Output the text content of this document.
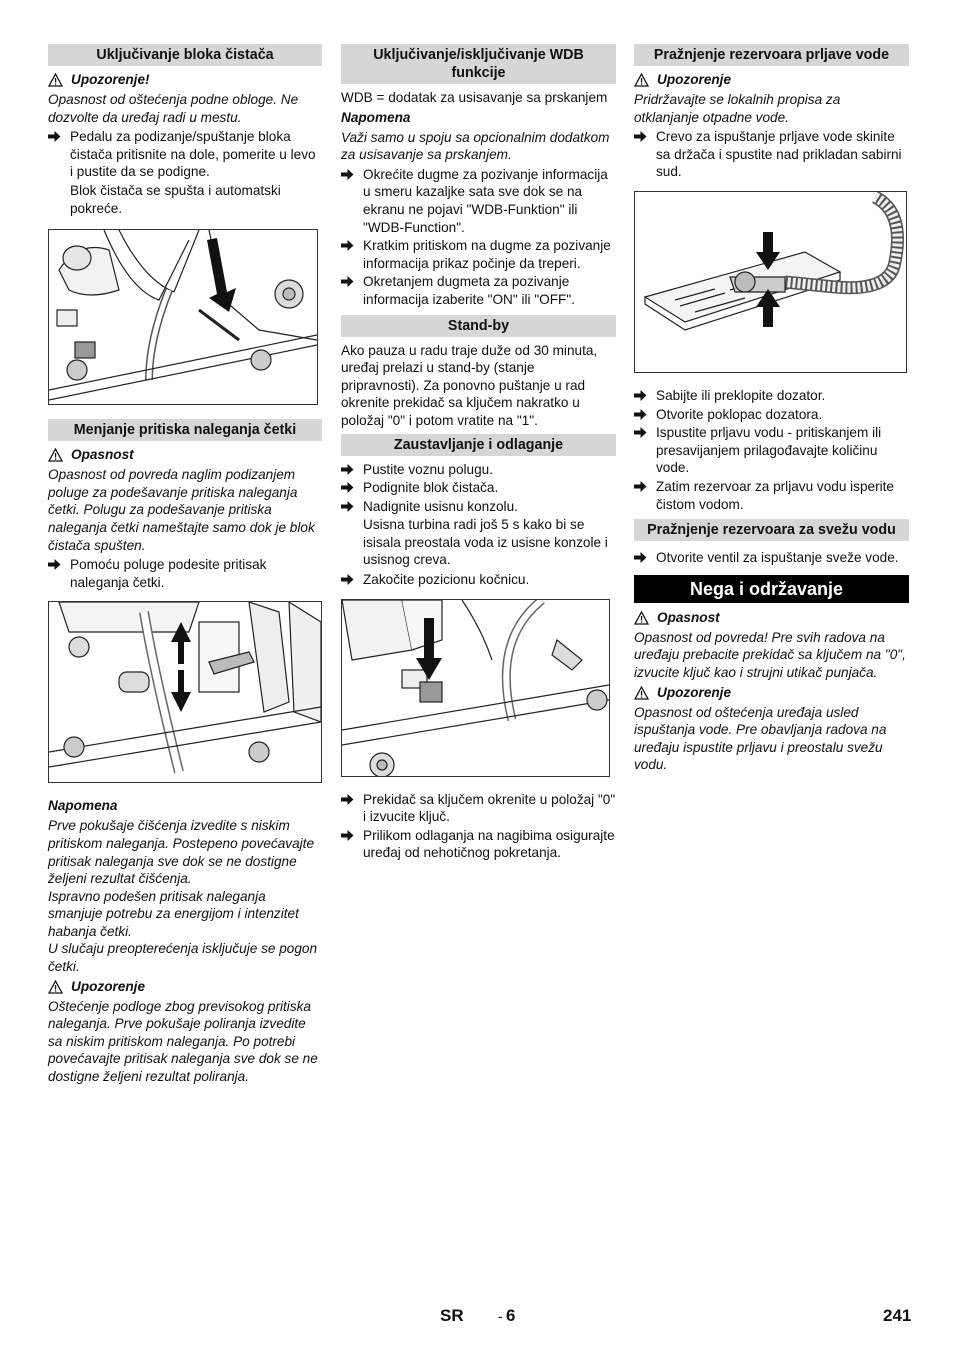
Uključivanje bloka čistača
Upozorenje!
Opasnost od oštećenja podne obloge. Ne dozvolte da uređaj radi u mestu.
Pedalu za podizanje/spuštanje bloka čistača pritisnite na dole, pomerite u levo i pustite da se podigne.
Blok čistača se spušta i automatski pokreće.
Menjanje pritiska naleganja četki
Opasnost
Opasnost od povreda naglim podizanjem poluge za podešavanje pritiska naleganja četki. Polugu za podešavanje pritiska naleganja četki nameštajte samo dok je blok čistača spušten.
Pomoću poluge podesite pritisak naleganja četki.
Napomena
Prve pokušaje čišćenja izvedite s niskim pritiskom naleganja. Postepeno povećavajte pritisak naleganja sve dok se ne dostigne željeni rezultat čišćenja.
Ispravno podešen pritisak naleganja smanjuje potrebu za energijom i intenzitet habanja četki.
U slučaju preopterećenja isključuje se pogon četki.
Upozorenje
Oštećenje podloge zbog previsokog pritiska naleganja. Prve pokušaje poliranja izvedite sa niskim pritiskom naleganja. Po potrebi povećavajte pritisak naleganja sve dok se ne dostigne željeni rezultat poliranja.
Uključivanje/isključivanje WDB funkcije
WDB = dodatak za usisavanje sa prskanjem
Napomena
Važi samo u spoju sa opcionalnim dodatkom za usisavanje sa prskanjem.
Okrećite dugme za pozivanje informacija u smeru kazaljke sata sve dok se na ekranu ne pojavi "WDB-Funktion" ili "WDB-Function".
Kratkim pritiskom na dugme za pozivanje informacija prikaz počinje da treperi.
Okretanjem dugmeta za pozivanje informacija izaberite "ON" ili "OFF".
Stand-by
Ako pauza u radu traje duže od 30 minuta, uređaj prelazi u stand-by (stanje pripravnosti). Za ponovno puštanje u rad okrenite prekidač sa ključem nakratko u položaj "0" i potom vratite na "1".
Zaustavljanje i odlaganje
Pustite voznu polugu.
Podignite blok čistača.
Nadignite usisnu konzolu.
Usisna turbina radi još 5 s kako bi se isisala preostala voda iz usisne konzole i usisnog creva.
Zakočite pozicionu kočnicu.
Prekidač sa ključem okrenite u položaj "0" i izvucite ključ.
Prilikom odlaganja na nagibima osigurajte uređaj od nehotičnog pokretanja.
Pražnjenje rezervoara prljave vode
Upozorenje
Pridržavajte se lokalnih propisa za otklanjanje otpadne vode.
Crevo za ispuštanje prljave vode skinite sa držača i spustite nad prikladan sabirni sud.
Sabijte ili preklopite dozator.
Otvorite poklopac dozatora.
Ispustite prljavu vodu - pritiskanjem ili presavijanjem prilagođavajte količinu vode.
Zatim rezervoar za prljavu vodu isperite čistom vodom.
Pražnjenje rezervoara za svežu vodu
Otvorite ventil za ispuštanje sveže vode.
Nega i održavanje
Opasnost
Opasnost od povreda! Pre svih radova na uređaju prebacite prekidač sa ključem na "0", izvucite ključ kao i strujni utikač punjača.
Upozorenje
Opasnost od oštećenja uređaja usled ispuštanja vode. Pre obavljanja radova na uređaju ispustite prljavu i preostalu svežu vodu.
SR - 6	241
